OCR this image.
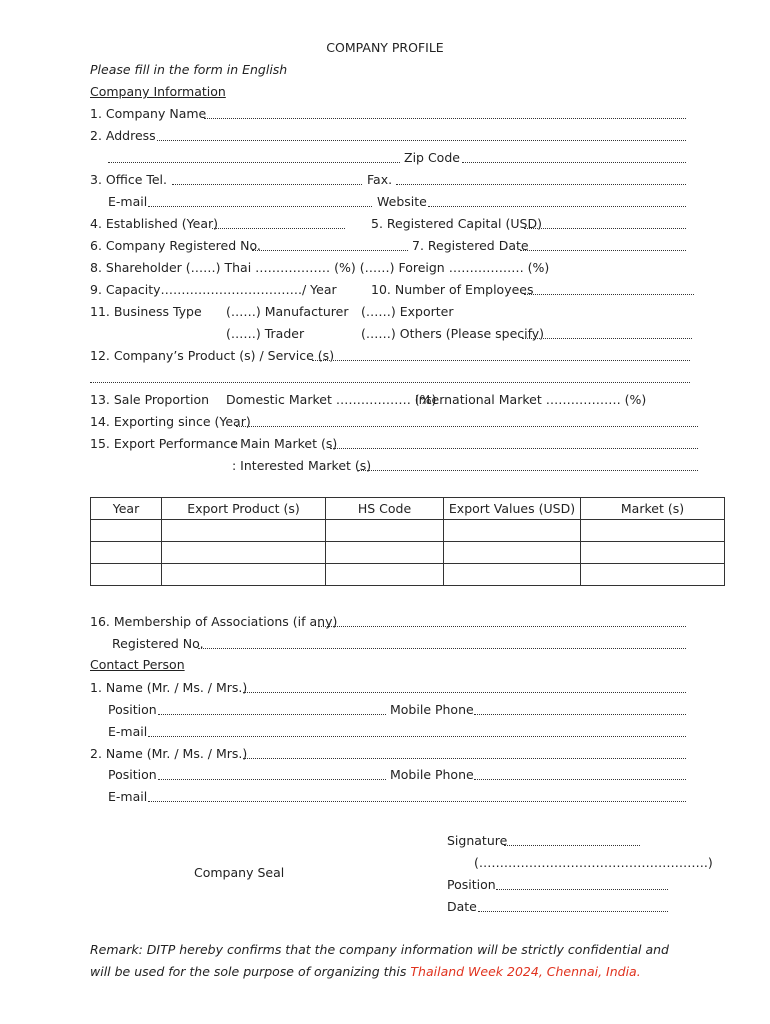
COMPANY PROFILE
Please fill in the form in English
Company Information
1. Company Name
2. Address
Zip Code
3. Office Tel.	Fax.
E-mail	Website
4. Established (Year)	5. Registered Capital (USD)
6. Company Registered No.	7. Registered Date
8. Shareholder (……) Thai ……………… (%) (……) Foreign ……………… (%)
9. Capacity……………………………./ Year	10. Number of Employees
11. Business Type (……) Manufacturer (……) Exporter
(……) Trader	(……) Others (Please specify)
12. Company’s Product (s) / Service (s)
13. Sale Proportion Domestic Market ……………… (%)
International Market ……………… (%)
14. Exporting since (Year)
15. Export Performance
: Main Market (s)
: Interested Market (s)
Year	Export Product (s)	HS Code	Export Values (USD)	Market (s)

16. Membership of Associations (if any)
Registered No.
Contact Person
1. Name (Mr. / Ms. / Mrs.)
Position	Mobile Phone
E-mail
2. Name (Mr. / Ms. / Mrs.)
Position	Mobile Phone
E-mail
Signature
(……………………………………………….)
Company Seal
Position
Date
Remark: DITP hereby confirms that the company information will be strictly confidential and
will be used for the sole purpose of organizing this Thailand Week 2024, Chennai, India.
